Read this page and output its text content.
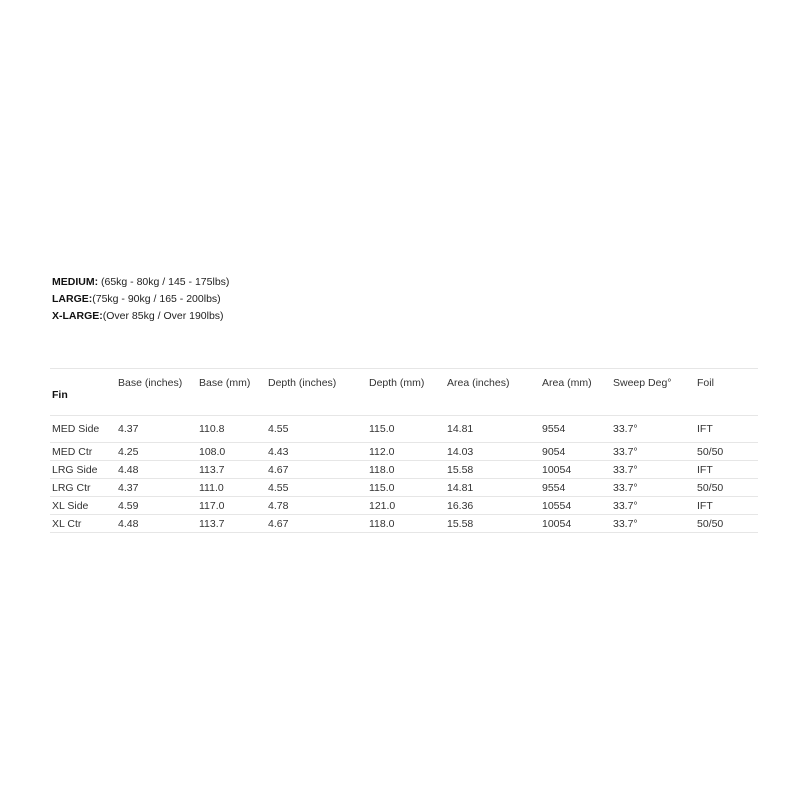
MEDIUM: (65kg - 80kg / 145 - 175lbs)
LARGE:(75kg - 90kg / 165 - 200lbs)
X-LARGE:(Over 85kg / Over 190lbs)
Fin	Base (inches)	Base (mm)	Depth (inches)	Depth (mm)	Area (inches)	Area (mm)	Sweep Deg°	Foil
MED Side	4.37	110.8	4.55	115.0	14.81	9554	33.7°	IFT
MED Ctr	4.25	108.0	4.43	112.0	14.03	9054	33.7°	50/50
LRG Side	4.48	113.7	4.67	118.0	15.58	10054	33.7°	IFT
LRG Ctr	4.37	111.0	4.55	115.0	14.81	9554	33.7°	50/50
XL Side	4.59	117.0	4.78	121.0	16.36	10554	33.7°	IFT
XL Ctr	4.48	113.7	4.67	118.0	15.58	10054	33.7°	50/50
